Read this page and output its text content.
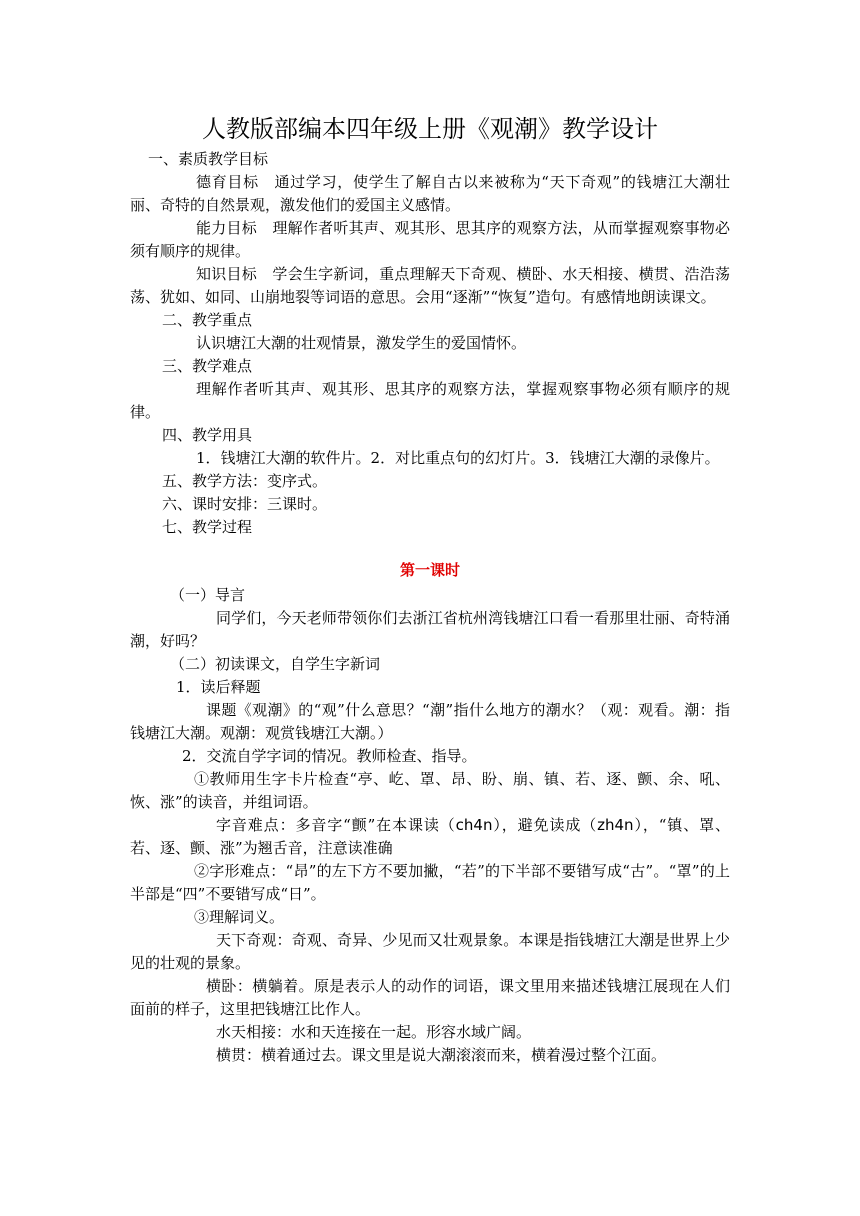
人教版部编本四年级上册《观潮》教学设计

一、素质教学目标

德育目标　通过学习，使学生了解自古以来被称为“天下奇观”的钱塘江大潮壮丽、奇特的自然景观，激发他们的爱国主义感情。

能力目标　理解作者听其声、观其形、思其序的观察方法，从而掌握观察事物必须有顺序的规律。

知识目标　学会生字新词，重点理解天下奇观、横卧、水天相接、横贯、浩浩荡荡、犹如、如同、山崩地裂等词语的意思。会用“逐渐”“恢复”造句。有感情地朗读课文。

二、教学重点

认识塘江大潮的壮观情景，激发学生的爱国情怀。

三、教学难点

理解作者听其声、观其形、思其序的观察方法，掌握观察事物必须有顺序的规律。

四、教学用具

1．钱塘江大潮的软件片。2．对比重点句的幻灯片。3．钱塘江大潮的录像片。

五、教学方法：变序式。

六、课时安排：三课时。

七、教学过程

第一课时

（一）导言

同学们，今天老师带领你们去浙江省杭州湾钱塘江口看一看那里壮丽、奇特涌潮，好吗？

（二）初读课文，自学生字新词

1．读后释题

课题《观潮》的“观”什么意思？“潮”指什么地方的潮水？（观：观看。潮：指钱塘江大潮。观潮：观赏钱塘江大潮。）

2．交流自学字词的情况。教师检查、指导。

①教师用生字卡片检查“亭、屹、罩、昂、盼、崩、镇、若、逐、颤、余、吼、恢、涨”的读音，并组词语。

字音难点：多音字“颤”在本课读（ch4n），避免读成（zh4n），“镇、罩、若、逐、颤、涨”为翘舌音，注意读准确

②字形难点：“昂”的左下方不要加撇，“若”的下半部不要错写成“古”。“罩”的上半部是“四”不要错写成“日”。

③理解词义。

天下奇观：奇观、奇异、少见而又壮观景象。本课是指钱塘江大潮是世界上少见的壮观的景象。

横卧：横躺着。原是表示人的动作的词语，课文里用来描述钱塘江展现在人们面前的样子，这里把钱塘江比作人。

水天相接：水和天连接在一起。形容水域广阔。

横贯：横着通过去。课文里是说大潮滚滚而来，横着漫过整个江面。
